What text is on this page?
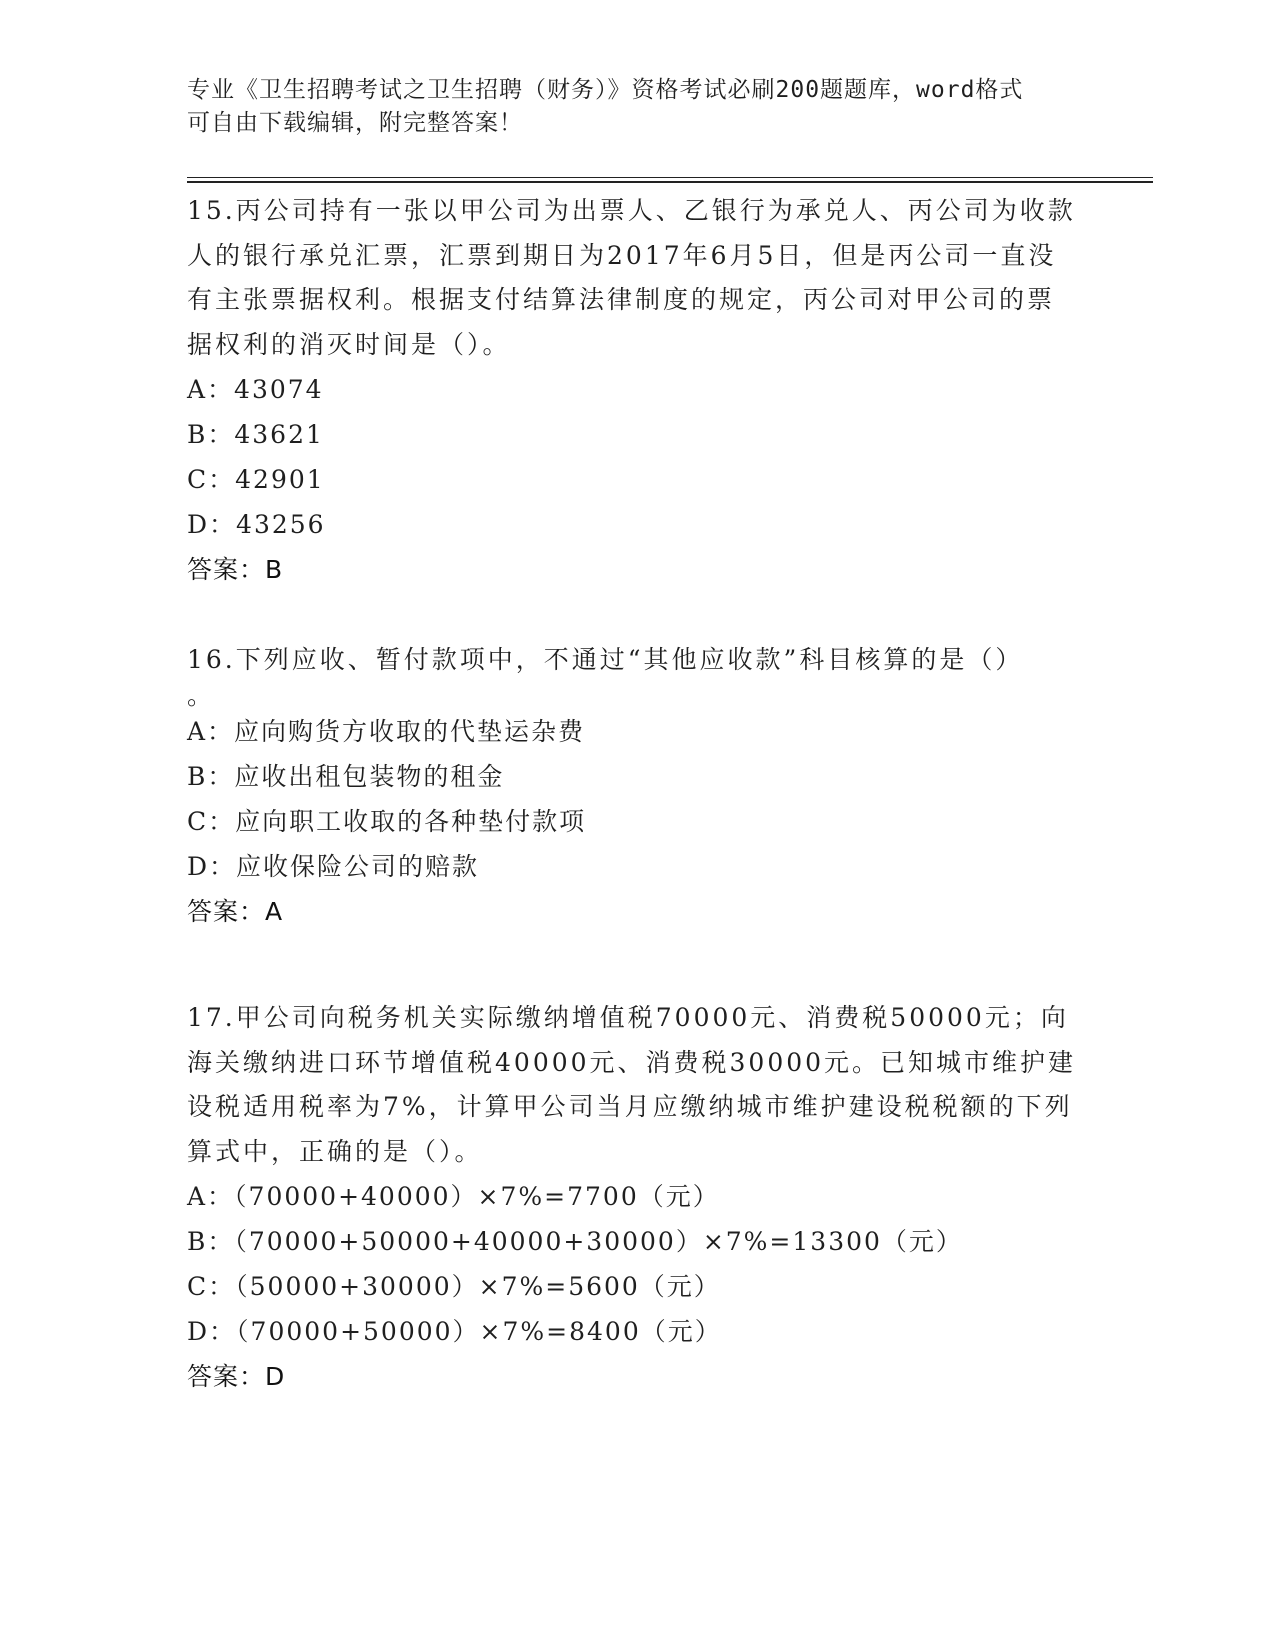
专业《卫生招聘考试之卫生招聘（财务）》资格考试必刷200题题库，word格式
可自由下载编辑，附完整答案！

15.丙公司持有一张以甲公司为出票人、乙银行为承兑人、丙公司为收款人的银行承兑汇票，汇票到期日为2017年6月5日，但是丙公司一直没有主张票据权利。根据支付结算法律制度的规定，丙公司对甲公司的票据权利的消灭时间是（）。

A：43074
B：43621
C：42901
D：43256
答案：B

16.下列应收、暂付款项中，不通过“其他应收款”科目核算的是（）

。
A：应向购货方收取的代垫运杂费
B：应收出租包装物的租金
C：应向职工收取的各种垫付款项
D：应收保险公司的赔款
答案：A

17.甲公司向税务机关实际缴纳增值税70000元、消费税50000元；向海关缴纳进口环节增值税40000元、消费税30000元。已知城市维护建设税适用税率为7%，计算甲公司当月应缴纳城市维护建设税税额的下列算式中，正确的是（）。

A：（70000+40000）×7%=7700（元）
B：（70000+50000+40000+30000）×7%=13300（元）
C：（50000+30000）×7%=5600（元）
D：（70000+50000）×7%=8400（元）
答案：D
